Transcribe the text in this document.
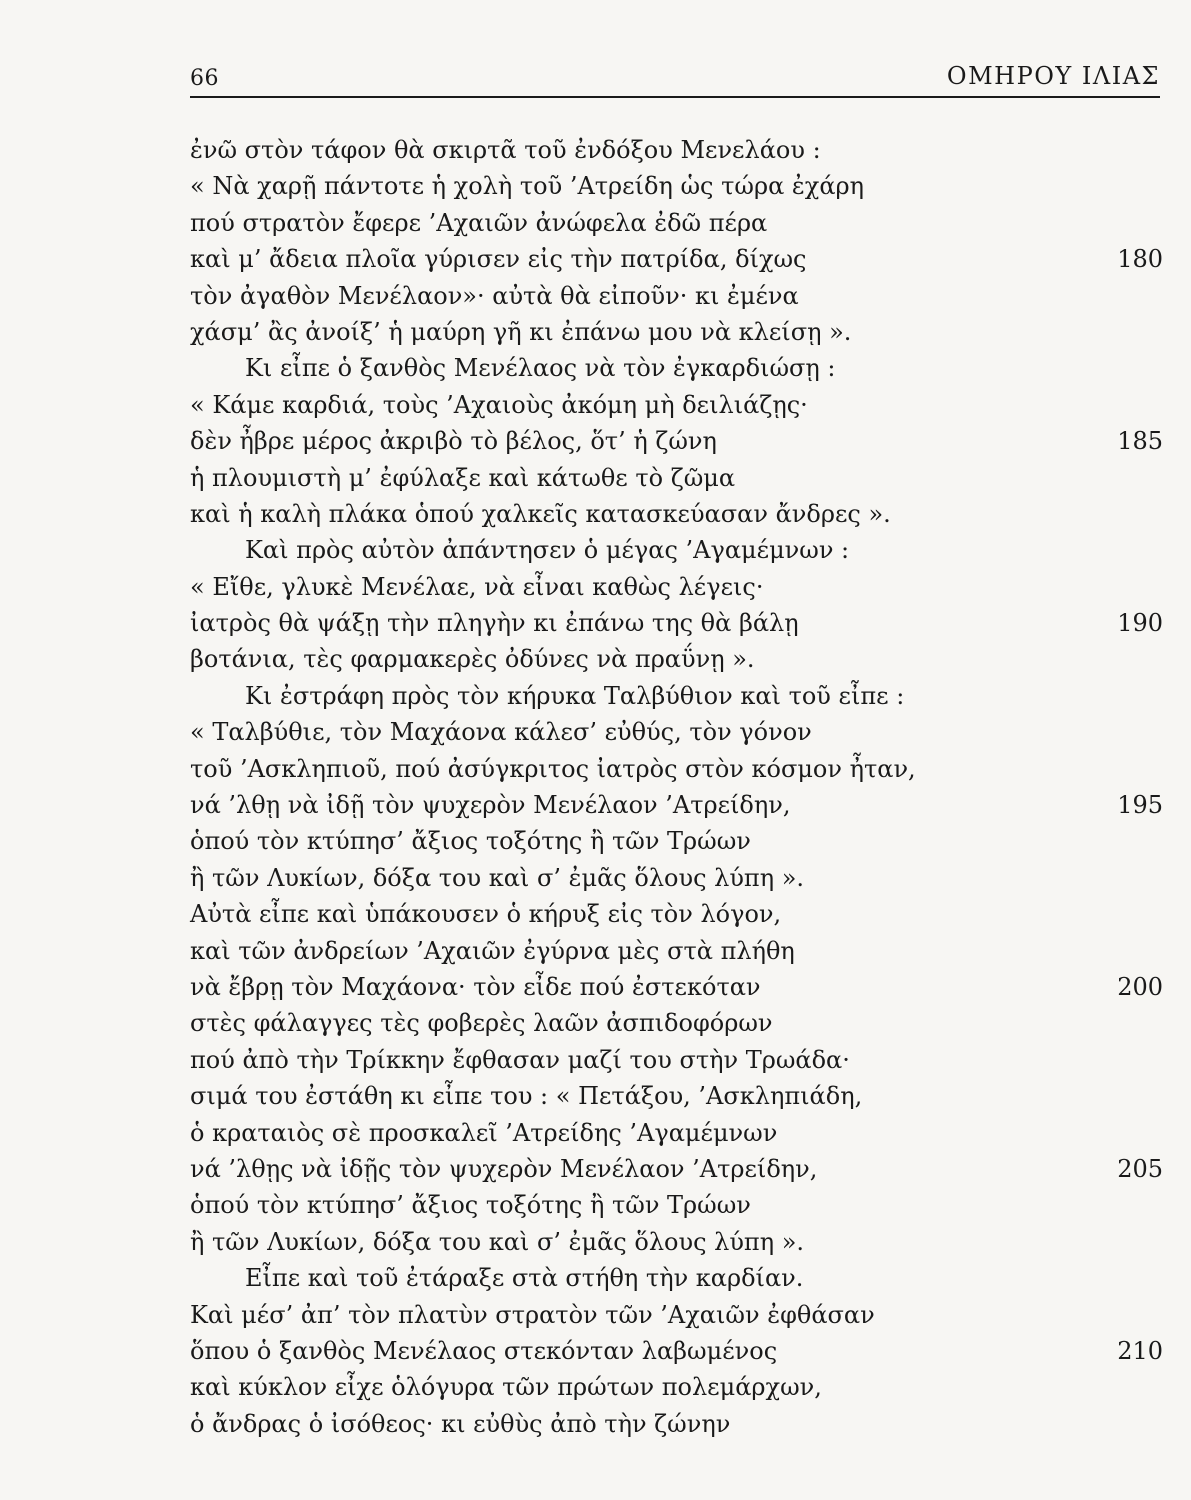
66	ΟΜΗΡΟΥ ΙΛΙΑΣ
ἐνῶ στὸν τάφον θὰ σκιρτᾶ τοῦ ἐνδόξου Μενελάου :
« Νὰ χαρῇ πάντοτε ἡ χολὴ τοῦ ’Ατρείδη ὡς τώρα ἐχάρη
πού στρατὸν ἔφερε ’Αχαιῶν ἀνώφελα ἐδῶ πέρα
καὶ μ’ ἄδεια πλοῖα γύρισεν εἰς τὴν πατρίδα, δίχως	180
τὸν ἀγαθὸν Μενέλαον»· αὐτὰ θὰ εἰποῦν· κι ἐμένα
χάσμ’ ἂς ἀνοίξ’ ἡ μαύρη γῆ κι ἐπάνω μου νὰ κλείσῃ ».
Κι εἶπε ὁ ξανθὸς Μενέλαος νὰ τὸν ἐγκαρδιώσῃ :
« Κάμε καρδιά, τοὺς ’Αχαιοὺς ἀκόμη μὴ δειλιάζῃς·
δὲν ἦβρε μέρος ἀκριβὸ τὸ βέλος, ὅτ’ ἡ ζώνη	185
ἡ πλουμιστὴ μ’ ἐφύλαξε καὶ κάτωθε τὸ ζῶμα
καὶ ἡ καλὴ πλάκα ὁπού χαλκεῖς κατασκεύασαν ἄνδρες ».
Καὶ πρὸς αὐτὸν ἀπάντησεν ὁ μέγας ’Αγαμέμνων :
« Εἴθε, γλυκὲ Μενέλαε, νὰ εἶναι καθὼς λέγεις·
ἰατρὸς θὰ ψάξῃ τὴν πληγὴν κι ἐπάνω της θὰ βάλῃ	190
βοτάνια, τὲς φαρμακερὲς ὀδύνες νὰ πραΰνῃ ».
Κι ἐστράφη πρὸς τὸν κήρυκα Ταλβύθιον καὶ τοῦ εἶπε :
« Ταλβύθιε, τὸν Μαχάονα κάλεσ’ εὐθύς, τὸν γόνον
τοῦ ’Ασκληπιοῦ, πού ἀσύγκριτος ἰατρὸς στὸν κόσμον ἦταν,
νά ’λθῃ νὰ ἰδῇ τὸν ψυχερὸν Μενέλαον ’Ατρείδην,	195
ὁπού τὸν κτύπησ’ ἄξιος τοξότης ἢ τῶν Τρώων
ἢ τῶν Λυκίων, δόξα του καὶ σ’ ἐμᾶς ὅλους λύπη ».
Αὐτὰ εἶπε καὶ ὑπάκουσεν ὁ κήρυξ εἰς τὸν λόγον,
καὶ τῶν ἀνδρείων ’Αχαιῶν ἐγύρνα μὲς στὰ πλήθη
νὰ ἔβρῃ τὸν Μαχάονα· τὸν εἶδε πού ἐστεκόταν	200
στὲς φάλαγγες τὲς φοβερὲς λαῶν ἀσπιδοφόρων
πού ἀπὸ τὴν Τρίκκην ἔφθασαν μαζί του στὴν Τρωάδα·
σιμά του ἐστάθη κι εἶπε του : « Πετάξου, ’Ασκληπιάδη,
ὁ κραταιὸς σὲ προσκαλεῖ ’Ατρείδης ’Αγαμέμνων
νά ’λθῃς νὰ ἰδῇς τὸν ψυχερὸν Μενέλαον ’Ατρείδην,	205
ὁπού τὸν κτύπησ’ ἄξιος τοξότης ἢ τῶν Τρώων
ἢ τῶν Λυκίων, δόξα του καὶ σ’ ἐμᾶς ὅλους λύπη ».
Εἶπε καὶ τοῦ ἐτάραξε στὰ στήθη τὴν καρδίαν.
Καὶ μέσ’ ἀπ’ τὸν πλατὺν στρατὸν τῶν ’Αχαιῶν ἐφθάσαν
ὅπου ὁ ξανθὸς Μενέλαος στεκόνταν λαβωμένος	210
καὶ κύκλον εἶχε ὁλόγυρα τῶν πρώτων πολεμάρχων,
ὁ ἄνδρας ὁ ἰσόθεος· κι εὐθὺς ἀπὸ τὴν ζώνην
